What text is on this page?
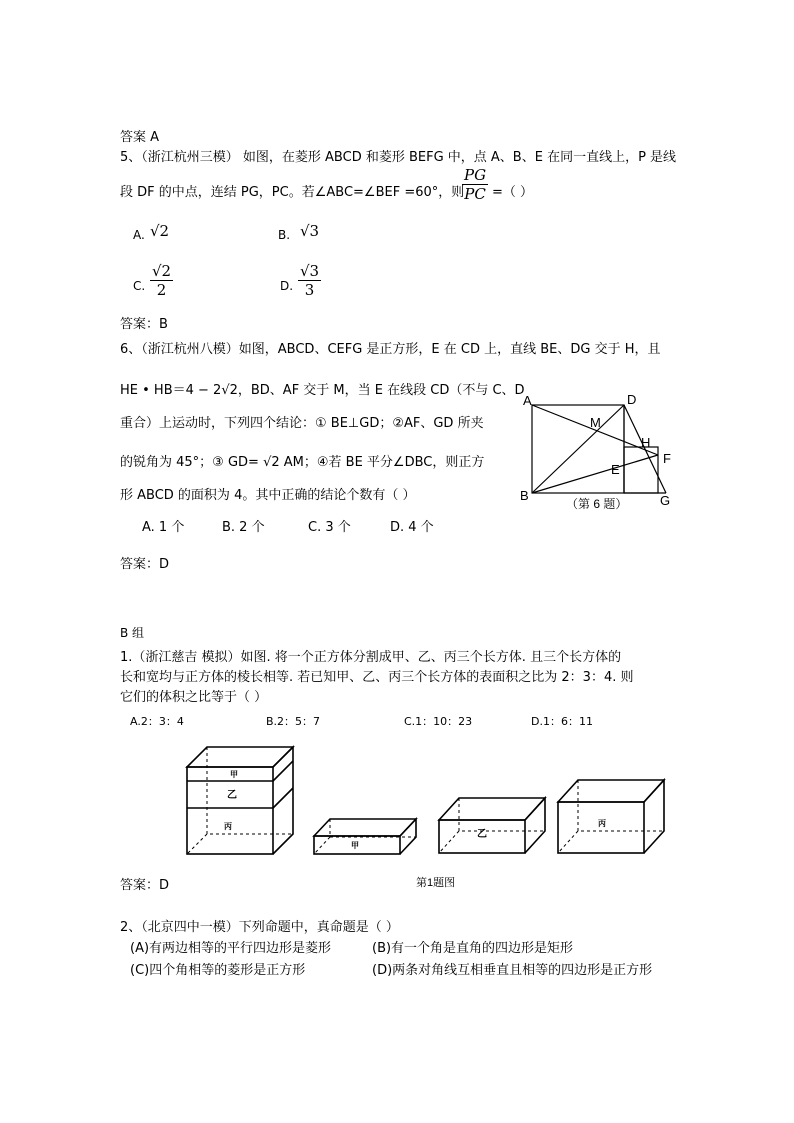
答案 A
5、（浙江杭州三模） 如图，在菱形 ABCD 和菱形 BEFG 中，点 A、B、E 在同一直线上，P 是线
段 DF 的中点，连结 PG，PC。若∠ABC=∠BEF =60°，则
$\frac{PG}{PC}$ =（ ）
A. √2	B. √3
C. $\frac{√2}{2}$	D. $\frac{√3}{3}$
答案：B
6、（浙江杭州八模）如图，ABCD、CEFG 是正方形，E 在 CD 上，直线 BE、DG 交于 H，且
HE • HB＝4 − 2√2，BD、AF 交于 M，当 E 在线段 CD（不与 C、D
重合）上运动时，下列四个结论：① BE⊥GD；②AF、GD 所夹
的锐角为 45°；③ GD= √2 AM；④若 BE 平分∠DBC，则正方
形 ABCD 的面积为 4。其中正确的结论个数有（ ）
A. 1 个	B. 2 个	C. 3 个	D. 4 个
答案：D
A	D
M
H
F
E
B	G
（第 6 题）
B 组
1.（浙江慈吉 模拟）如图. 将一个正方体分割成甲、乙、丙三个长方体. 且三个长方体的
长和宽均与正方体的棱长相等. 若已知甲、乙、丙三个长方体的表面积之比为 2：3：4. 则
它们的体积之比等于（ ）
A.2：3：4	B.2：5：7	C.1：10：23	D.1：6：11
甲
乙
丙
甲
乙
丙
第1题图
答案：D
2、（北京四中一模）下列命题中，真命题是（ ）
(A)有两边相等的平行四边形是菱形	(B)有一个角是直角的四边形是矩形
(C)四个角相等的菱形是正方形	(D)两条对角线互相垂直且相等的四边形是正方形
